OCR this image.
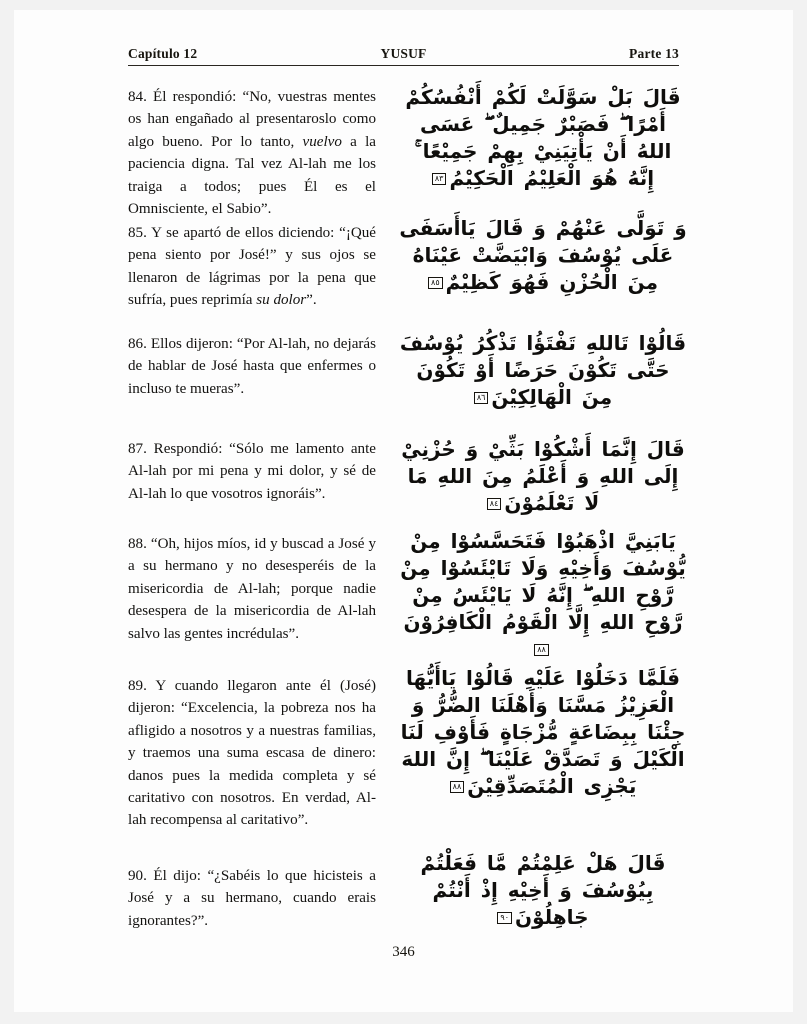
Capítulo 12	YUSUF	Parte 13
84. Él respondió: “No, vuestras mentes os han engañado al presentaroslo como algo bueno. Por lo tanto, vuelvo a la paciencia digna. Tal vez Al-lah me los traiga a todos; pues Él es el Omnisciente, el Sabio”.
85. Y se apartó de ellos diciendo: “¡Qué pena siento por José!” y sus ojos se llenaron de lágrimas por la pena que sufría, pues reprimía su dolor”.
86. Ellos dijeron: “Por Al-lah, no dejarás de hablar de José hasta que enfermes o incluso te mueras”.
87. Respondió: “Sólo me lamento ante Al-lah por mi pena y mi dolor, y sé de Al-lah lo que vosotros ignoráis”.
88. “Oh, hijos míos, id y buscad a José y a su hermano y no desesperéis de la misericordia de Al-lah; porque nadie desespera de la misericordia de Al-lah salvo las gentes incrédulas”.
89. Y cuando llegaron ante él (José) dijeron: “Excelencia, la pobreza nos ha afligido a nosotros y a nuestras familias, y traemos una suma escasa de dinero: danos pues la medida completa y sé caritativo con nosotros. En verdad, Al-lah recompensa al caritativo”.
90. Él dijo: “¿Sabéis lo que hicisteis a José y a su hermano, cuando erais ignorantes?”.
قَالَ بَلْ سَوَّلَتْ لَكُمْ أَنْفُسُكُمْ أَمْرًا ۖ فَصَبْرٌ جَمِيلٌ ۖ عَسَى اللهُ أَنْ يَأْتِيَنِيْ بِهِمْ جَمِيْعًا ۚ إِنَّهُ هُوَ الْعَلِيْمُ الْحَكِيْمُ٨٣
وَ تَوَلَّى عَنْهُمْ وَ قَالَ يَاأَسَفَى عَلَى يُوْسُفَ وَابْيَضَّتْ عَيْنَاهُ مِنَ الْحُزْنِ فَهُوَ كَظِيْمٌ٨٥
قَالُوْا تَاللهِ تَفْتَؤُا تَذْكُرُ يُوْسُفَ حَتَّى تَكُوْنَ حَرَضًا أَوْ تَكُوْنَ مِنَ الْهَالِكِيْنَ٨٦
قَالَ إِنَّمَا أَشْكُوْا بَثِّيْ وَ حُزْنِيْ إِلَى اللهِ وَ أَعْلَمُ مِنَ اللهِ مَا لَا تَعْلَمُوْنَ٨٤
يَابَنِيَّ اذْهَبُوْا فَتَحَسَّسُوْا مِنْ يُّوْسُفَ وَأَخِيْهِ وَلَا تَايْئَسُوْا مِنْ رَّوْحِ اللهِ ۖ إِنَّهُ لَا يَايْئَسُ مِنْ رَّوْحِ اللهِ إِلَّا الْقَوْمُ الْكَافِرُوْنَ٨٨
فَلَمَّا دَخَلُوْا عَلَيْهِ قَالُوْا يَاأَيُّهَا الْعَزِيْزُ مَسَّنَا وَأَهْلَنَا الضُّرُّ وَ جِئْنَا بِبِضَاعَةٍ مُّزْجَاةٍ فَأَوْفِ لَنَا الْكَيْلَ وَ تَصَدَّقْ عَلَيْنَا ۖ إِنَّ اللهَ يَجْزِى الْمُتَصَدِّقِيْنَ٨٨
قَالَ هَلْ عَلِمْتُمْ مَّا فَعَلْتُمْ بِيُوْسُفَ وَ أَخِيْهِ إِذْ أَنْتُمْ جَاهِلُوْنَ٩٠
346
